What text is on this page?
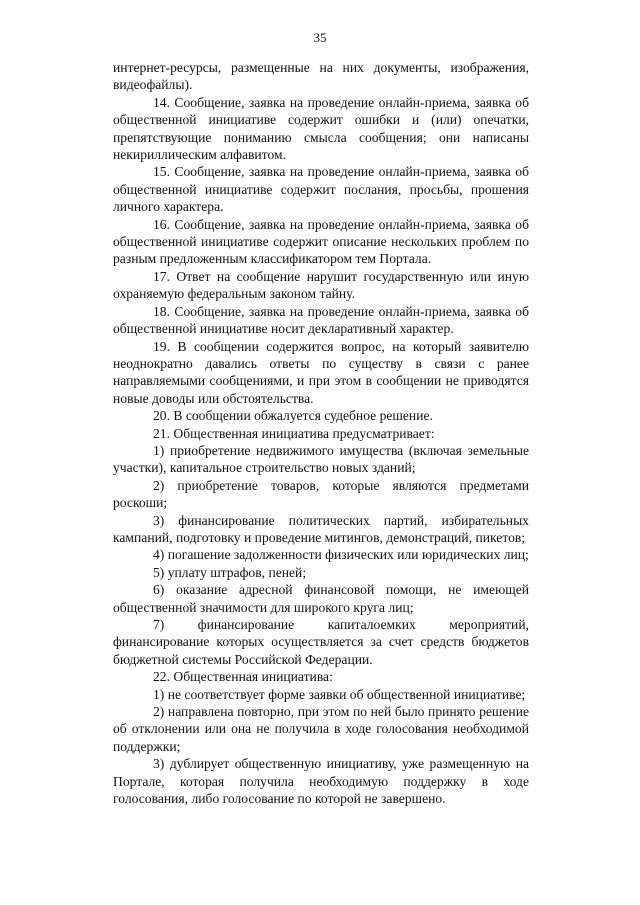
35

интернет-ресурсы, размещенные на них документы, изображения, видеофайлы).

14. Сообщение, заявка на проведение онлайн-приема, заявка об общественной инициативе содержит ошибки и (или) опечатки, препятствующие пониманию смысла сообщения; они написаны некириллическим алфавитом.

15. Сообщение, заявка на проведение онлайн-приема, заявка об общественной инициативе содержит послания, просьбы, прошения личного характера.

16. Сообщение, заявка на проведение онлайн-приема, заявка об общественной инициативе содержит описание нескольких проблем по разным предложенным классификатором тем Портала.

17. Ответ на сообщение нарушит государственную или иную охраняемую федеральным законом тайну.

18. Сообщение, заявка на проведение онлайн-приема, заявка об общественной инициативе носит декларативный характер.

19. В сообщении содержится вопрос, на который заявителю неоднократно давались ответы по существу в связи с ранее направляемыми сообщениями, и при этом в сообщении не приводятся новые доводы или обстоятельства.

20. В сообщении обжалуется судебное решение.

21. Общественная инициатива предусматривает:

1) приобретение недвижимого имущества (включая земельные участки), капитальное строительство новых зданий;

2) приобретение товаров, которые являются предметами роскоши;

3) финансирование политических партий, избирательных кампаний, подготовку и проведение митингов, демонстраций, пикетов;

4) погашение задолженности физических или юридических лиц;

5) уплату штрафов, пеней;

6) оказание адресной финансовой помощи, не имеющей общественной значимости для широкого круга лиц;

7) финансирование капиталоемких мероприятий, финансирование которых осуществляется за счет средств бюджетов бюджетной системы Российской Федерации.

22. Общественная инициатива:

1) не соответствует форме заявки об общественной инициативе;

2) направлена повторно, при этом по ней было принято решение об отклонении или она не получила в ходе голосования необходимой поддержки;

3) дублирует общественную инициативу, уже размещенную на Портале, которая получила необходимую поддержку в ходе голосования, либо голосование по которой не завершено.
